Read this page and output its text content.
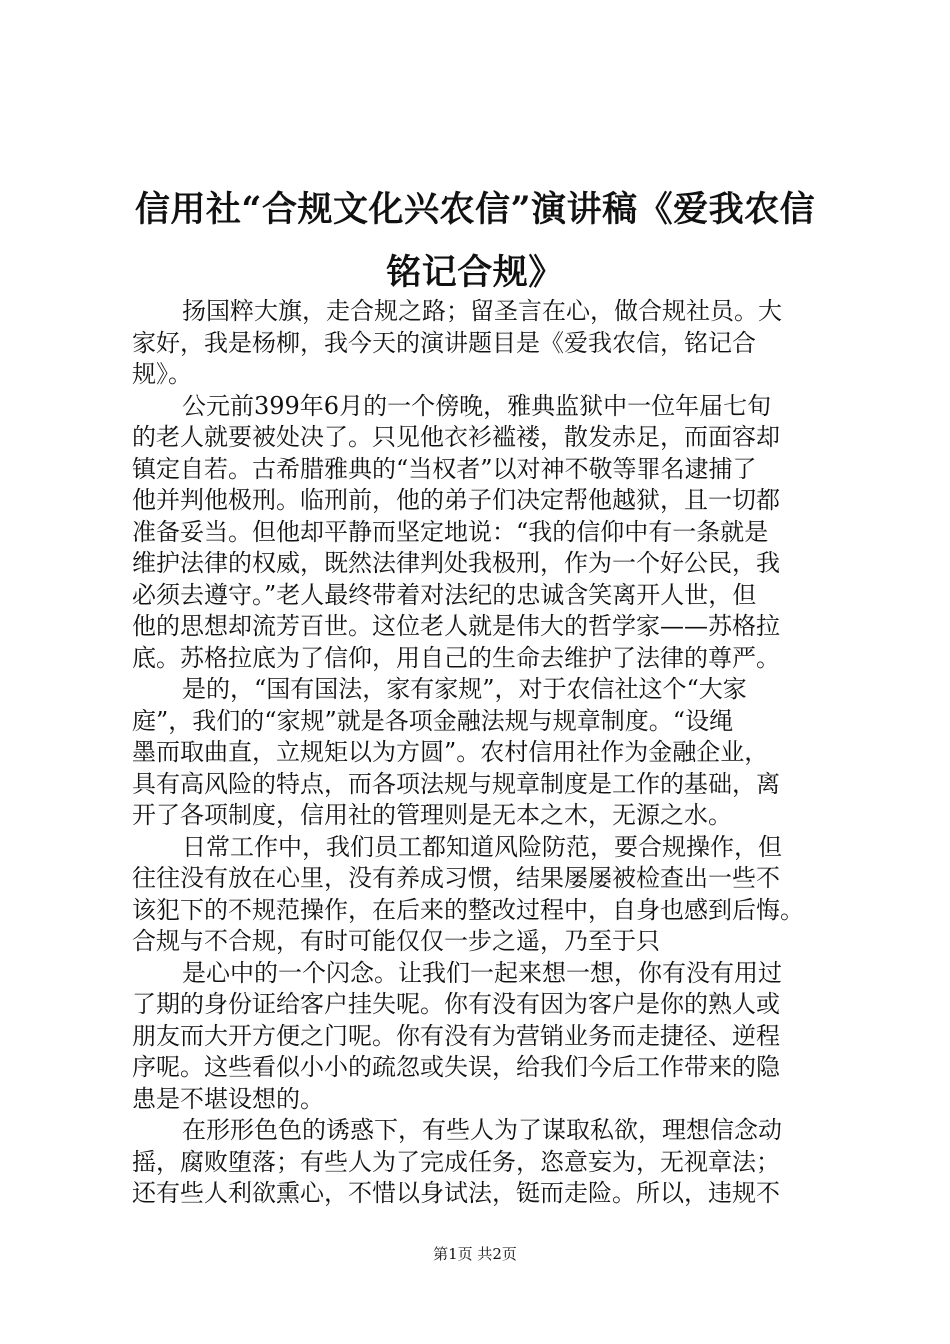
信用社“合规文化兴农信”演讲稿《爱我农信
铭记合规》
扬国粹大旗，走合规之路；留圣言在心，做合规社员。大
家好，我是杨柳，我今天的演讲题目是《爱我农信，铭记合
规》。
公元前399年6月的一个傍晚，雅典监狱中一位年届七旬
的老人就要被处决了。只见他衣衫褴褛，散发赤足，而面容却
镇定自若。古希腊雅典的“当权者”以对神不敬等罪名逮捕了
他并判他极刑。临刑前，他的弟子们决定帮他越狱，且一切都
准备妥当。但他却平静而坚定地说：“我的信仰中有一条就是
维护法律的权威，既然法律判处我极刑，作为一个好公民，我
必须去遵守。”老人最终带着对法纪的忠诚含笑离开人世，但
他的思想却流芳百世。这位老人就是伟大的哲学家——苏格拉
底。苏格拉底为了信仰，用自己的生命去维护了法律的尊严。
是的，“国有国法，家有家规”，对于农信社这个“大家
庭”，我们的“家规”就是各项金融法规与规章制度。“设绳
墨而取曲直，立规矩以为方圆”。农村信用社作为金融企业，
具有高风险的特点，而各项法规与规章制度是工作的基础，离
开了各项制度，信用社的管理则是无本之木，无源之水。
日常工作中，我们员工都知道风险防范，要合规操作，但
往往没有放在心里，没有养成习惯，结果屡屡被检查出一些不
该犯下的不规范操作，在后来的整改过程中，自身也感到后悔。
合规与不合规，有时可能仅仅一步之遥，乃至于只
是心中的一个闪念。让我们一起来想一想，你有没有用过
了期的身份证给客户挂失呢。你有没有因为客户是你的熟人或
朋友而大开方便之门呢。你有没有为营销业务而走捷径、逆程
序呢。这些看似小小的疏忽或失误，给我们今后工作带来的隐
患是不堪设想的。
在形形色色的诱惑下，有些人为了谋取私欲，理想信念动
摇，腐败堕落；有些人为了完成任务，恣意妄为，无视章法；
还有些人利欲熏心，不惜以身试法，铤而走险。所以，违规不
第1页 共2页
